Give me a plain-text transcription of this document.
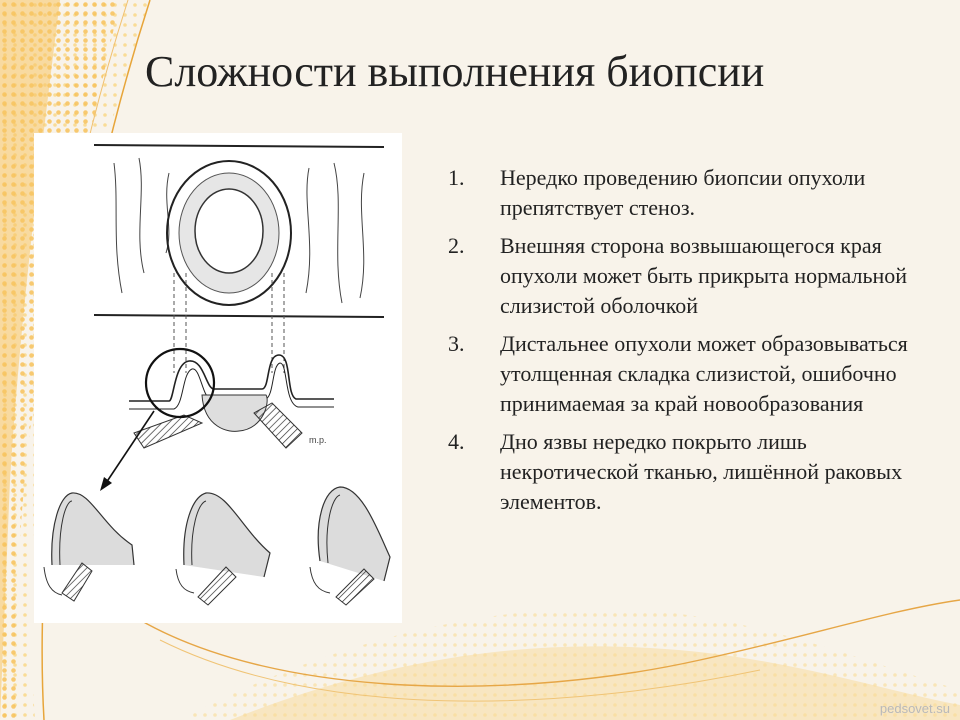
Сложности выполнения биопсии
m.p.
1.	Нередко проведению биопсии опухоли препятствует стеноз.
2.	Внешняя сторона возвышающегося края опухоли может быть прикрыта нормальной слизистой оболочкой
3.	Дистальнее опухоли может образовываться утолщенная складка слизистой, ошибочно принимаемая за край новообразования
4.	Дно язвы нередко покрыто лишь некротической тканью, лишённой раковых элементов.
pedsovet.su
